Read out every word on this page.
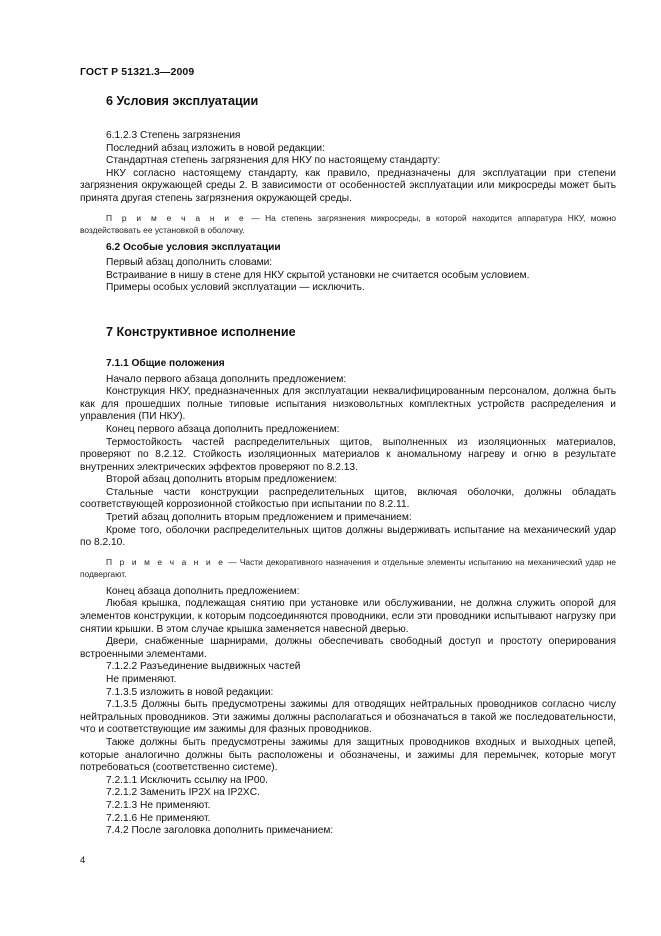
ГОСТ Р 51321.3—2009
6 Условия эксплуатации

6.1.2.3 Степень загрязнения

Последний абзац изложить в новой редакции:

Стандартная степень загрязнения для НКУ по настоящему стандарту:

НКУ согласно настоящему стандарту, как правило, предназначены для эксплуатации при степени загрязнения окружающей среды 2. В зависимости от особенностей эксплуатации или микросреды может быть принята другая степень загрязнения окружающей среды.

П р и м е ч а н и е — На степень загрязнения микросреды, в которой находится аппаратура НКУ, можно воздействовать ее установкой в оболочку.

6.2 Особые условия эксплуатации

Первый абзац дополнить словами:

Встраивание в нишу в стене для НКУ скрытой установки не считается особым условием.

Примеры особых условий эксплуатации — исключить.

7 Конструктивное исполнение
7.1.1 Общие положения

Начало первого абзаца дополнить предложением:

Конструкция НКУ, предназначенных для эксплуатации неквалифицированным персоналом, должна быть как для прошедших полные типовые испытания низковольтных комплектных устройств распределения и управления (ПИ НКУ).

Конец первого абзаца дополнить предложением:

Термостойкость частей распределительных щитов, выполненных из изоляционных материалов, проверяют по 8.2.12. Стойкость изоляционных материалов к аномальному нагреву и огню в результате внутренних электрических эффектов проверяют по 8.2.13.

Второй абзац дополнить вторым предложением:

Стальные части конструкции распределительных щитов, включая оболочки, должны обладать соответствующей коррозионной стойкостью при испытании по 8.2.11.

Третий абзац дополнить вторым предложением и примечанием:

Кроме того, оболочки распределительных щитов должны выдерживать испытание на механический удар по 8.2.10.

П р и м е ч а н и е — Части декоративного назначения и отдельные элементы испытанию на механический удар не подвергают.

Конец абзаца дополнить предложением:

Любая крышка, подлежащая снятию при установке или обслуживании, не должна служить опорой для элементов конструкции, к которым подсоединяются проводники, если эти проводники испытывают нагрузку при снятии крышки. В этом случае крышка заменяется навесной дверью.

Двери, снабженные шарнирами, должны обеспечивать свободный доступ и простоту оперирования встроенными элементами.

7.1.2.2 Разъединение выдвижных частей

Не применяют.

7.1.3.5 изложить в новой редакции:

7.1.3.5 Должны быть предусмотрены зажимы для отводящих нейтральных проводников согласно числу нейтральных проводников. Эти зажимы должны располагаться и обозначаться в такой же последовательности, что и соответствующие им зажимы для фазных проводников.

Также должны быть предусмотрены зажимы для защитных проводников входных и выходных цепей, которые аналогично должны быть расположены и обозначены, и зажимы для перемычек, которые могут потребоваться (соответственно системе).

7.2.1.1 Исключить ссылку на IP00.

7.2.1.2 Заменить IP2X на IP2XC.

7.2.1.3 Не применяют.

7.2.1.6 Не применяют.

7.4.2 После заголовка дополнить примечанием:

4
